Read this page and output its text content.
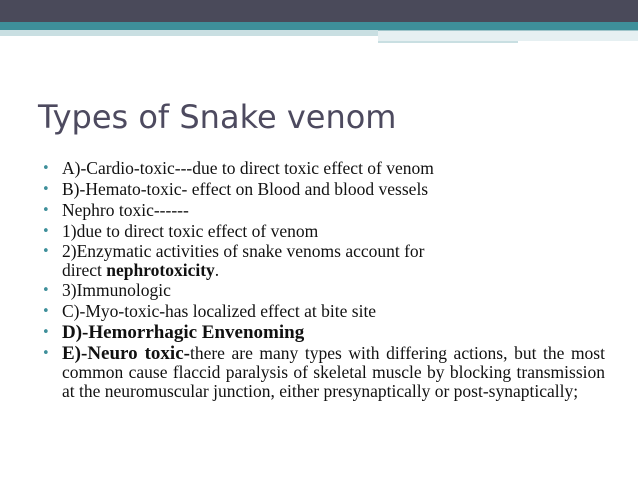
Types of Snake venom
• A)-Cardio-toxic---due to direct toxic effect of venom
• B)-Hemato-toxic- effect on Blood and blood vessels
• Nephro toxic------
• 1)due to direct toxic effect of venom
• 2)Enzymatic activities of snake venoms account for
direct nephrotoxicity.
• 3)Immunologic
• C)-Myo-toxic-has localized effect at bite site
• D)-Hemorrhagic Envenoming
• E)-Neuro toxic-there are many types with differing actions, but the most common cause flaccid paralysis of skeletal muscle by blocking transmission at the neuromuscular junction, either presynaptically or post-synaptically;
